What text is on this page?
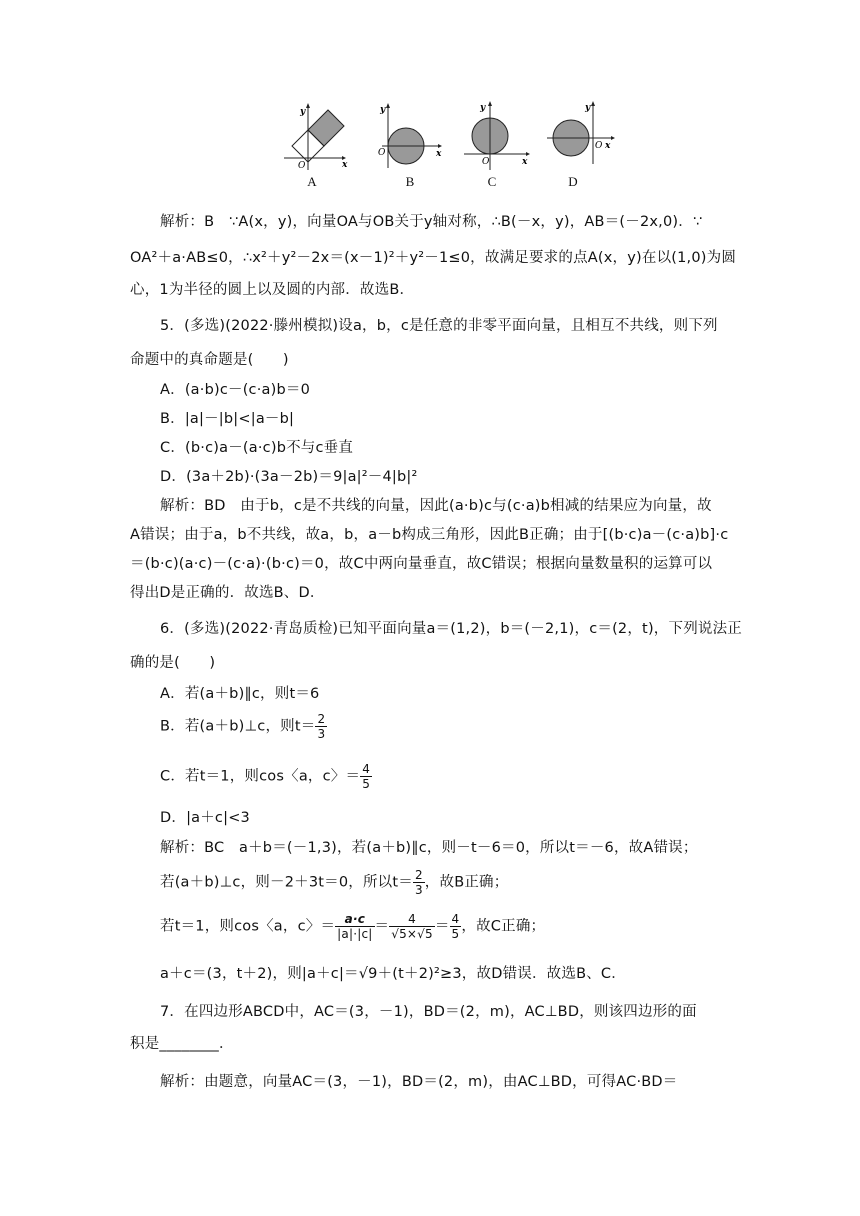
y
x
O
A
y
x
O
B
y
x
O
C
y
x
O
D
解析：B　∵A(x，y)，向量OA与OB关于y轴对称，∴B(－x，y)，AB＝(－2x,0)．∵
OA²＋a·AB≤0，∴x²＋y²－2x＝(x－1)²＋y²－1≤0，故满足要求的点A(x，y)在以(1,0)为圆
心，1为半径的圆上以及圆的内部．故选B．
5．(多选)(2022·滕州模拟)设a，b，c是任意的非零平面向量，且相互不共线，则下列
命题中的真命题是(　　)
A．(a·b)c－(c·a)b＝0
B．|a|－|b|<|a－b|
C．(b·c)a－(a·c)b不与c垂直
D．(3a＋2b)·(3a－2b)＝9|a|²－4|b|²
解析：BD　由于b，c是不共线的向量，因此(a·b)c与(c·a)b相减的结果应为向量，故
A错误；由于a，b不共线，故a，b，a－b构成三角形，因此B正确；由于[(b·c)a－(c·a)b]·c
＝(b·c)(a·c)－(c·a)·(b·c)＝0，故C中两向量垂直，故C错误；根据向量数量积的运算可以
得出D是正确的．故选B、D．
6．(多选)(2022·青岛质检)已知平面向量a＝(1,2)，b＝(－2,1)，c＝(2，t)，下列说法正
确的是(　　)
A．若(a＋b)∥c，则t＝6
B．若(a＋b)⊥c，则$t= \frac{2}{3}$
C．若t＝1，则cos〈a，c〉＝ $\frac{4}{5}$
D．|a＋c|<3
解析：BC　a＋b＝(－1,3)，若(a＋b)∥c，则－t－6＝0，所以t＝－6，故A错误；
若(a＋b)⊥c，则－2＋3t＝0，所以$t= \frac{2}{3}$ ，故B正确；
若t＝1，则cos〈a，c〉＝ $\frac{a\cdot c}{|a|\cdot|c|} = \frac{4}{√5\times√5} = \frac{4}{5}$ ，故C正确；
a＋c＝(3，t＋2)，则|a＋c|＝√9＋(t＋2)²≥3，故D错误．故选B、C．
7．在四边形ABCD中，AC＝(3，－1)，BD＝(2，m)，AC⊥BD，则该四边形的面
积是________．
解析：由题意，向量AC＝(3，－1)，BD＝(2，m)，由AC⊥BD，可得AC·BD＝
